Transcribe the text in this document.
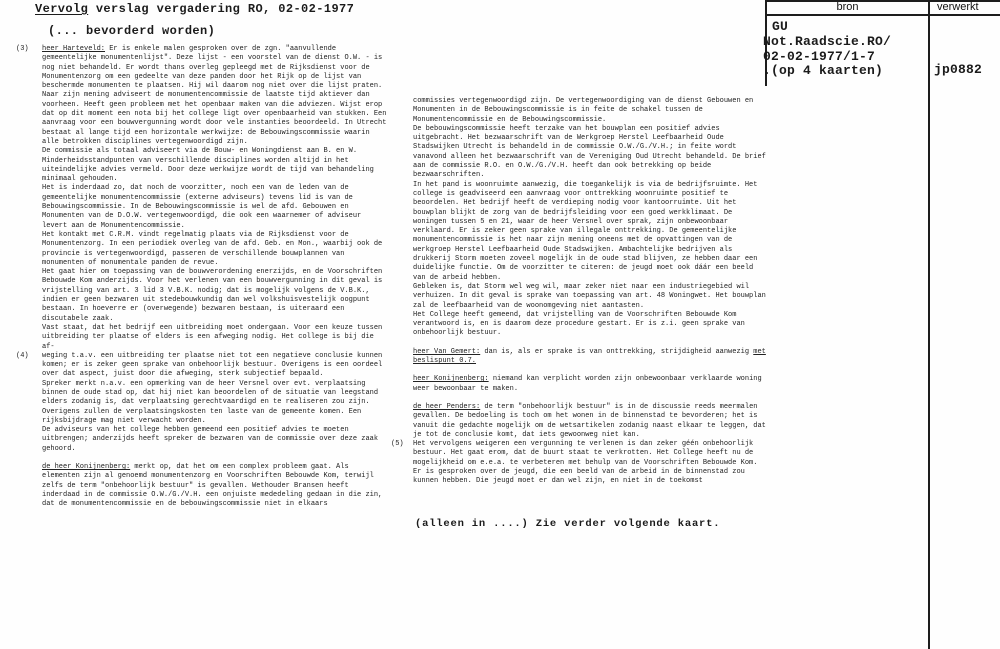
Vervolg verslag vergadering RO, 02-02-1977
(... bevorderd worden)
(3) heer Harteveld: Er is enkele malen gesproken over de zgn. "aanvullende gemeentelijke monumentenlijst". Deze lijst - een voorstel van de dienst O.W. - is nog niet behandeld. Er wordt thans overleg gepleegd met de Rijksdienst voor de Monumentenzorg om een gedeelte van deze panden door het Rijk op de lijst van beschermde monumenten te plaatsen. Hij wil daarom nog niet over die lijst praten. Naar zijn mening adviseert de monumentencommissie de laatste tijd aktiever dan voorheen. Heeft geen probleem met het openbaar maken van die adviezen. Wijst erop dat op dit moment een nota bij het college ligt over openbaarheid van stukken. Een aanvraag voor een bouwvergunning wordt door vele instanties beoordeeld. In Utrecht bestaat al lange tijd een horizontale werkwijze: de Bebouwingscommissie waarin alle betrokken disciplines vertegenwoordigd zijn.
De commissie als totaal adviseert via de Bouw- en Woningdienst aan B. en W. Minderheidsstandpunten van verschillende disciplines worden altijd in het uiteindelijke advies vermeld. Door deze werkwijze wordt de tijd van behandeling minimaal gehouden.
Het is inderdaad zo, dat noch de voorzitter, noch een van de leden van de gemeentelijke monumentencommissie (externe adviseurs) tevens lid is van de Bebouwingscommissie. In de Bebouwingscommissie is wel de afd. Gebouwen en Monumenten van de D.O.W. vertegenwoordigd, die ook een waarnemer of adviseur levert aan de Monumentencommissie.
Het kontakt met C.R.M. vindt regelmatig plaats via de Rijksdienst voor de Monumentenzorg. In een periodiek overleg van de afd. Geb. en Mon., waarbij ook de provincie is vertegenwoordigd, passeren de verschillende bouwplannen van monumenten of monumentale panden de revue.
Het gaat hier om toepassing van de bouwverordening enerzijds, en de Voorschriften Bebouwde Kom anderzijds. Voor het verlenen van een bouwvergunning in dit geval is vrijstelling van art. 3 lid 3 V.B.K. nodig; dat is mogelijk volgens de V.B.K., indien er geen bezwaren uit stedebouwkundig dan wel volkshuisvestelijk oogpunt bestaan. In hoeverre er (overwegende) bezwaren bestaan, is uiteraard een discutabele zaak.
Vast staat, dat het bedrijf een uitbreiding moet ondergaan. Voor een keuze tussen uitbreiding ter plaatse of elders is een afweging nodig. Het college is bij die af-
(4) weging t.a.v. een uitbreiding ter plaatse niet tot een negatieve conclusie kunnen komen; er is zeker geen sprake van onbehoorlijk bestuur. Overigens is een oordeel over dat aspect, juist door die afweging, sterk subjectief bepaald.
Spreker merkt n.a.v. een opmerking van de heer Versnel over evt. verplaatsing binnen de oude stad op, dat hij niet kan beoordelen of de situatie van leegstand elders zodanig is, dat verplaatsing gerechtvaardigd en te realiseren zou zijn. Overigens zullen de verplaatsingskosten ten laste van de gemeente komen. Een rijksbijdrage mag niet verwacht worden.
De adviseurs van het college hebben gemeend een positief advies te moeten uitbrengen; anderzijds heeft spreker de bezwaren van de commissie over deze zaak gehoord.
de heer Konijnenberg: merkt op, dat het om een complex probleem gaat. Als elementen zijn al genoemd monumentenzorg en Voorschriften Bebouwde Kom, terwijl zelfs de term "onbehoorlijk bestuur" is gevallen. Wethouder Bransen heeft inderdaad in de commissie O.W./G./V.H. een onjuiste mededeling gedaan in die zin, dat de monumentencommissie en de bebouwingscommissie niet in elkaars
commissies vertegenwoordigd zijn. De vertegenwoordiging van de dienst Gebouwen en Monumenten in de Bebouwingscommissie is in feite de schakel tussen de Monumentencommissie en de Bebouwingscommissie.
De bebouwingscommissie heeft terzake van het bouwplan een positief advies uitgebracht. Het bezwaarschrift van de Werkgroep Herstel Leefbaarheid Oude Stadswijken Utrecht is behandeld in de commissie O.W./G./V.H.; in feite wordt vanavond alleen het bezwaarschrift van de Vereniging Oud Utrecht behandeld. De brief aan de commissie R.O. en O.W./G./V.H. heeft dan ook betrekking op beide bezwaarschriften.
In het pand is woonruimte aanwezig, die toegankelijk is via de bedrijfsruimte. Het college is geadviseerd een aanvraag voor onttrekking woonruimte positief te beoordelen. Het bedrijf heeft de verdieping nodig voor kantoorruimte. Uit het bouwplan blijkt de zorg van de bedrijfsleiding voor een goed werkklimaat. De woningen tussen 5 en 21, waar de heer Versnel over sprak, zijn onbewoonbaar verklaard. Er is zeker geen sprake van illegale onttrekking. De gemeentelijke monumentencommissie is het naar zijn mening oneens met de opvattingen van de werkgroep Herstel Leefbaarheid Oude Stadswijken. Ambachtelijke bedrijven als drukkerij Storm moeten zoveel mogelijk in de oude stad blijven, ze hebben daar een duidelijke functie. Om de voorzitter te citeren: de jeugd moet ook dáár een beeld van de arbeid hebben.
Gebleken is, dat Storm wel weg wil, maar zeker niet naar een industriegebied wil verhuizen. In dit geval is sprake van toepassing van art. 48 Woningwet. Het bouwplan zal de leefbaarheid van de woonomgeving niet aantasten.
Het College heeft gemeend, dat vrijstelling van de Voorschriften Bebouwde Kom verantwoord is, en is daarom deze procedure gestart. Er is z.i. geen sprake van onbehoorlijk bestuur.
heer Van Gemert: dan is, als er sprake is van onttrekking, strijdigheid aanwezig met beslispunt 0.7.
heer Konijnenberg: niemand kan verplicht worden zijn onbewoonbaar verklaarde woning weer bewoonbaar te maken.
de heer Penders: de term "onbehoorlijk bestuur" is in de discussie reeds meermalen gevallen. De bedoeling is toch om het wonen in de binnenstad te bevorderen; het is vanuit die gedachte mogelijk om de wetsartikelen zodanig naast elkaar te leggen, dat je tot de conclusie komt, dat iets gewoonweg niet kan.
(5) Het vervolgens weigeren een vergunning te verlenen is dan zeker géén onbehoorlijk bestuur. Het gaat erom, dat de buurt staat te verkrotten. Het College heeft nu de mogelijkheid om e.e.a. te verbeteren met behulp van de Voorschriften Bebouwde Kom.
Er is gesproken over de jeugd, die een beeld van de arbeid in de binnenstad zou kunnen hebben. Die jeugd moet er dan wel zijn, en niet in de toekomst
(alleen in ....) Zie verder volgende kaart.
bron	verwerkt
GU
Not.Raadscie.RO/
02-02-1977/1-7
.(op 4 kaarten)	jp0882
